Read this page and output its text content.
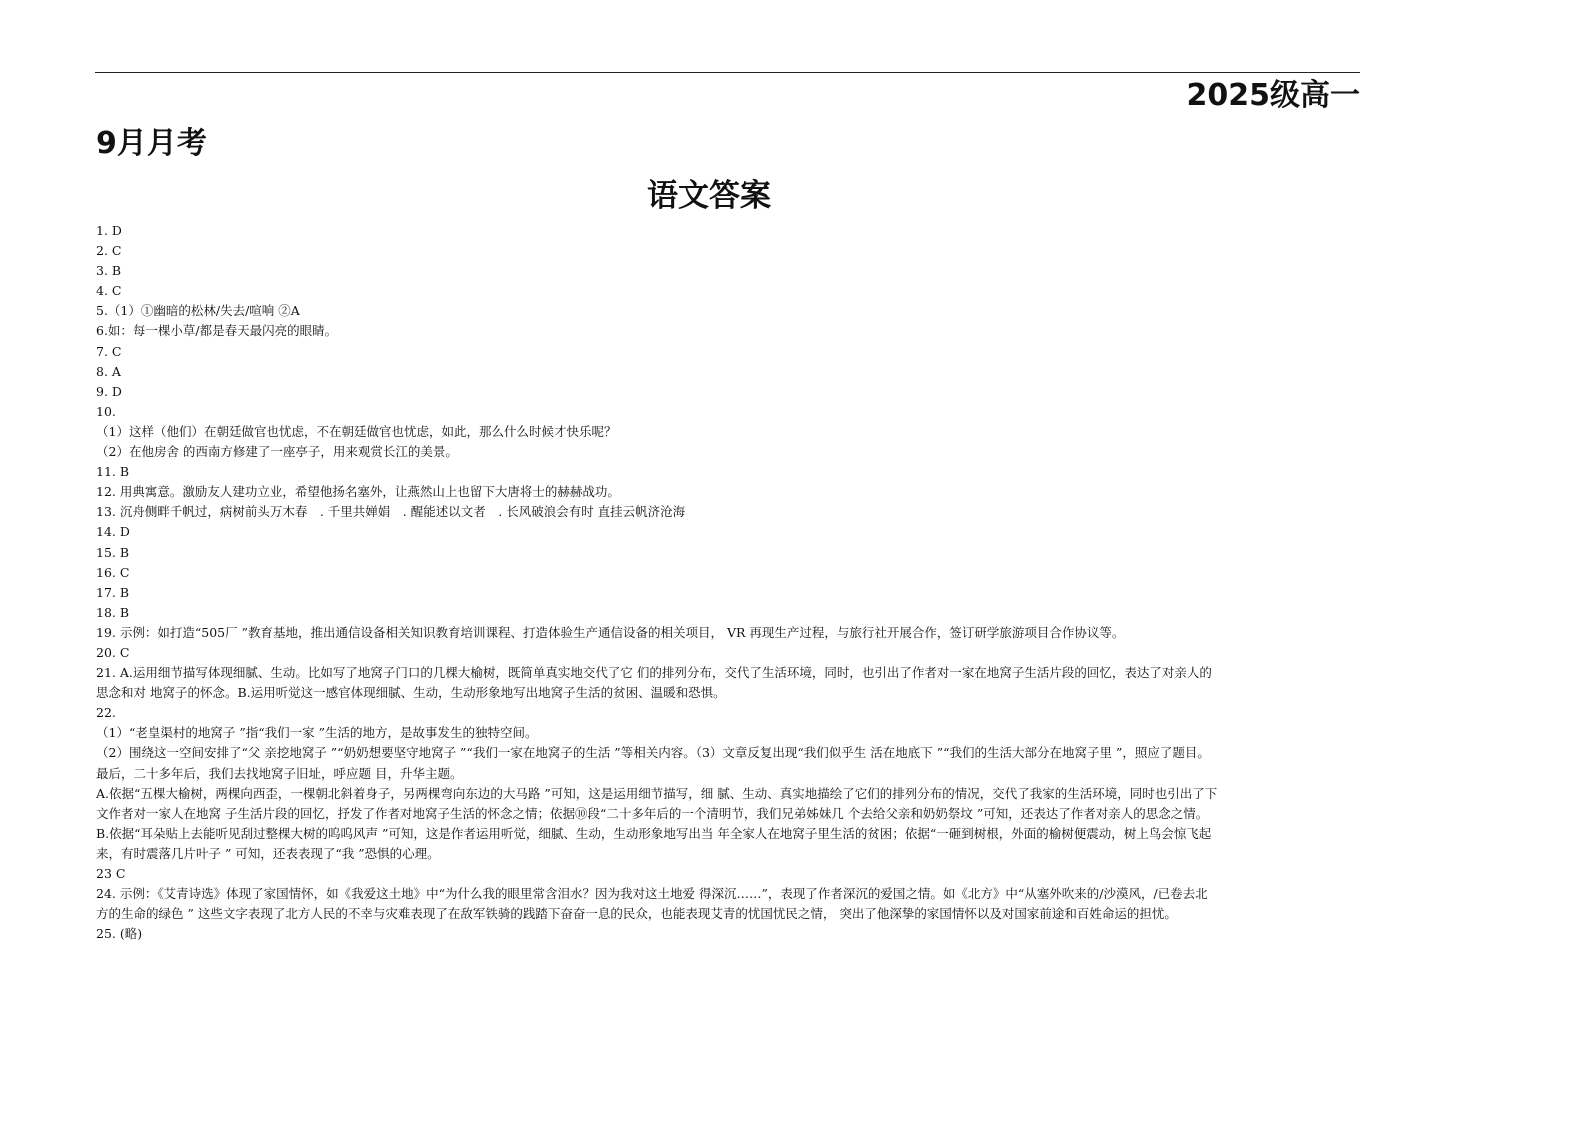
2025级高一
9月月考
语文答案
1. D
2. C
3. B
4. C
5.（1）①幽暗的松林/失去/喧响 ②A
6.如：每一棵小草/都是春天最闪亮的眼睛。
7. C
8. A
9. D
10.
（1）这样（他们）在朝廷做官也忧虑，不在朝廷做官也忧虑，如此，那么什么时候才快乐呢？
（2）在他房舍 的西南方修建了一座亭子，用来观赏长江的美景。
11. B
12. 用典寓意。激励友人建功立业，希望他扬名塞外，让燕然山上也留下大唐将士的赫赫战功。
13. 沉舟侧畔千帆过，病树前头万木春　. 千里共婵娟　. 醒能述以文者　. 长风破浪会有时 直挂云帆济沧海
14. D
15. B
16. C
17. B
18. B
19. 示例：如打造“505厂 ”教育基地，推出通信设备相关知识教育培训课程、打造体验生产通信设备的相关项目， VR 再现生产过程，与旅行社开展合作，签订研学旅游项目合作协议等。
20. C
21. A.运用细节描写体现细腻、生动。比如写了地窝子门口的几棵大榆树，既简单真实地交代了它 们的排列分布，交代了生活环境，同时，也引出了作者对一家在地窝子生活片段的回忆，表达了对亲人的
思念和对 地窝子的怀念。B.运用听觉这一感官体现细腻、生动，生动形象地写出地窝子生活的贫困、温暖和恐惧。
22.
（1）“老皇渠村的地窝子 ”指“我们一家 ”生活的地方，是故事发生的独特空间。
（2）围绕这一空间安排了“父 亲挖地窝子 ”“奶奶想要坚守地窝子 ”“我们一家在地窝子的生活 ”等相关内容。（3）文章反复出现“我们似乎生 活在地底下 ”“我们的生活大部分在地窝子里 ”，照应了题目。
最后，二十多年后，我们去找地窝子旧址，呼应题 目，升华主题。
A.依据“五棵大榆树，两棵向西歪，一棵朝北斜着身子，另两棵弯向东边的大马路 ”可知，这是运用细节描写，细 腻、生动、真实地描绘了它们的排列分布的情况，交代了我家的生活环境，同时也引出了下
文作者对一家人在地窝 子生活片段的回忆，抒发了作者对地窝子生活的怀念之情；依据⑩段“二十多年后的一个清明节，我们兄弟姊妹几 个去给父亲和奶奶祭坟 ”可知，还表达了作者对亲人的思念之情。
B.依据“耳朵贴上去能听见刮过整棵大树的呜呜风声 ”可知，这是作者运用听觉，细腻、生动，生动形象地写出当 年全家人在地窝子里生活的贫困；依据“一砸到树根，外面的榆树便震动，树上鸟会惊飞起
来，有时震落几片叶子 ” 可知，还表表现了“我 ”恐惧的心理。
23 C
24. 示例：《艾青诗选》体现了家国情怀，如《我爱这土地》中“为什么我的眼里常含泪水？因为我对这土地爱 得深沉……”，表现了作者深沉的爱国之情。如《北方》中“从塞外吹来的/沙漠风，/已卷去北
方的生命的绿色 ” 这些文字表现了北方人民的不幸与灾难表现了在敌军铁骑的践踏下奋奋一息的民众，也能表现艾青的忧国忧民之情， 突出了他深挚的家国情怀以及对国家前途和百姓命运的担忧。
25. (略)
